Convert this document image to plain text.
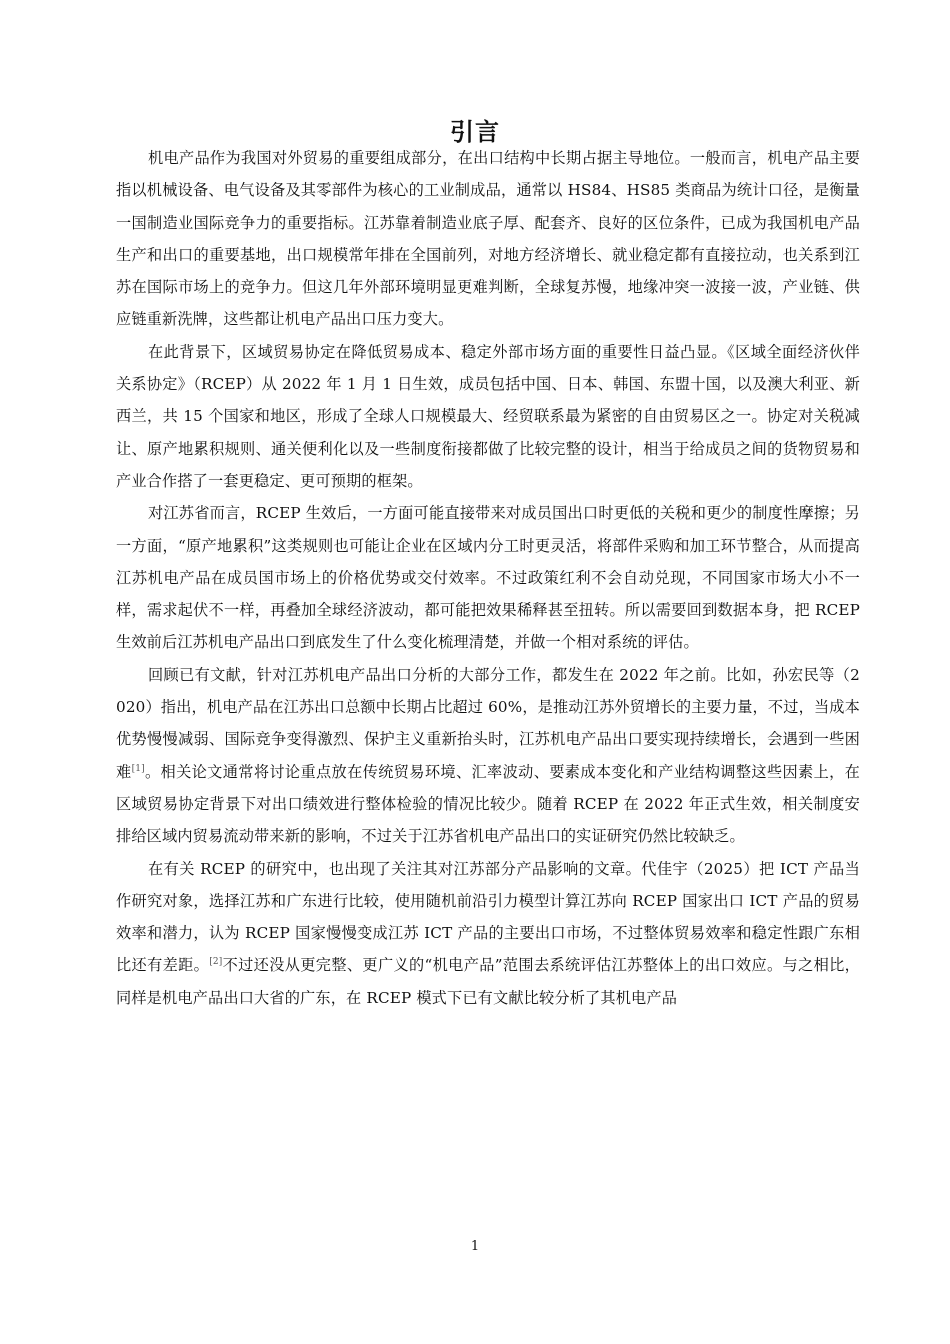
引言

机电产品作为我国对外贸易的重要组成部分，在出口结构中长期占据主导地位。一般而言，机电产品主要指以机械设备、电气设备及其零部件为核心的工业制成品，通常以 HS84、HS85 类商品为统计口径，是衡量一国制造业国际竞争力的重要指标。江苏靠着制造业底子厚、配套齐、良好的区位条件，已成为我国机电产品生产和出口的重要基地，出口规模常年排在全国前列，对地方经济增长、就业稳定都有直接拉动，也关系到江苏在国际市场上的竞争力。但这几年外部环境明显更难判断，全球复苏慢，地缘冲突一波接一波，产业链、供应链重新洗牌，这些都让机电产品出口压力变大。

在此背景下，区域贸易协定在降低贸易成本、稳定外部市场方面的重要性日益凸显。《区域全面经济伙伴关系协定》（RCEP）从 2022 年 1 月 1 日生效，成员包括中国、日本、韩国、东盟十国，以及澳大利亚、新西兰，共 15 个国家和地区，形成了全球人口规模最大、经贸联系最为紧密的自由贸易区之一。协定对关税减让、原产地累积规则、通关便利化以及一些制度衔接都做了比较完整的设计，相当于给成员之间的货物贸易和产业合作搭了一套更稳定、更可预期的框架。

对江苏省而言，RCEP 生效后，一方面可能直接带来对成员国出口时更低的关税和更少的制度性摩擦；另一方面，“原产地累积”这类规则也可能让企业在区域内分工时更灵活，将部件采购和加工环节整合，从而提高江苏机电产品在成员国市场上的价格优势或交付效率。不过政策红利不会自动兑现，不同国家市场大小不一样，需求起伏不一样，再叠加全球经济波动，都可能把效果稀释甚至扭转。所以需要回到数据本身，把 RCEP 生效前后江苏机电产品出口到底发生了什么变化梳理清楚，并做一个相对系统的评估。

回顾已有文献，针对江苏机电产品出口分析的大部分工作，都发生在 2022 年之前。比如，孙宏民等（2020）指出，机电产品在江苏出口总额中长期占比超过 60%，是推动江苏外贸增长的主要力量，不过，当成本优势慢慢减弱、国际竞争变得激烈、保护主义重新抬头时，江苏机电产品出口要实现持续增长，会遇到一些困难[1]。相关论文通常将讨论重点放在传统贸易环境、汇率波动、要素成本变化和产业结构调整这些因素上，在区域贸易协定背景下对出口绩效进行整体检验的情况比较少。随着 RCEP 在 2022 年正式生效，相关制度安排给区域内贸易流动带来新的影响，不过关于江苏省机电产品出口的实证研究仍然比较缺乏。

在有关 RCEP 的研究中，也出现了关注其对江苏部分产品影响的文章。代佳宇（2025）把 ICT 产品当作研究对象，选择江苏和广东进行比较，使用随机前沿引力模型计算江苏向 RCEP 国家出口 ICT 产品的贸易效率和潜力，认为 RCEP 国家慢慢变成江苏 ICT 产品的主要出口市场，不过整体贸易效率和稳定性跟广东相比还有差距。[2]不过还没从更完整、更广义的“机电产品”范围去系统评估江苏整体上的出口效应。与之相比，同样是机电产品出口大省的广东，在 RCEP 模式下已有文献比较分析了其机电产品

1
